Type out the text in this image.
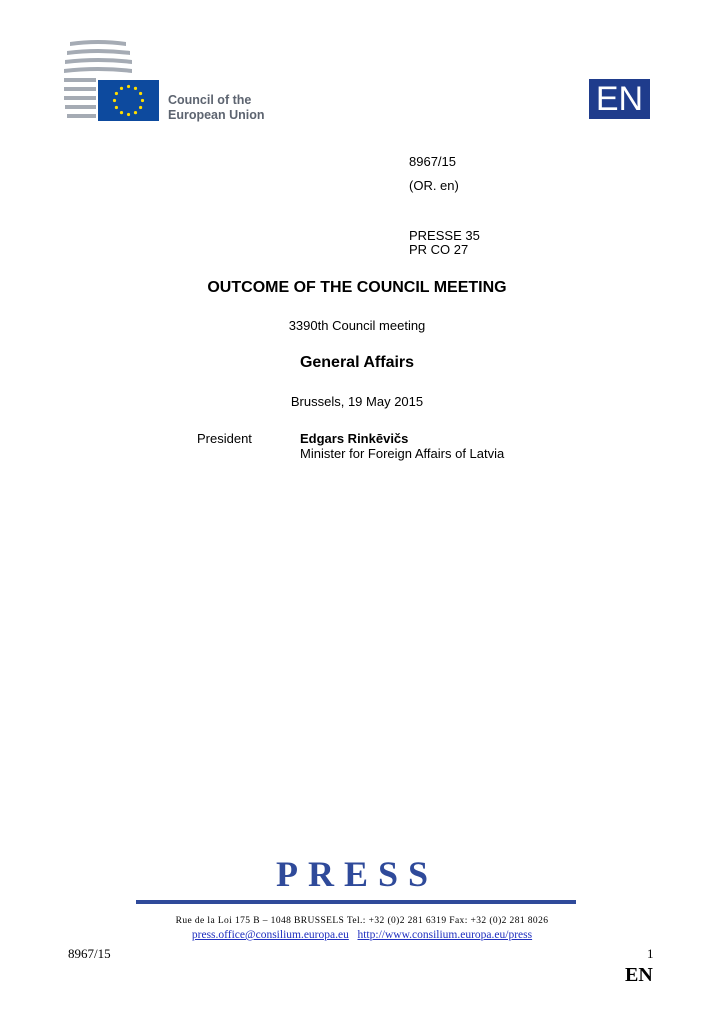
Council of the
European Union	EN
8967/15
(OR. en)
PRESSE 35
PR CO 27
OUTCOME OF THE COUNCIL MEETING
3390th Council meeting
General Affairs
Brussels, 19 May 2015
President	Edgars Rinkēvičs
Minister for Foreign Affairs of Latvia
PRESS
Rue de la Loi 175 B – 1048 BRUSSELS Tel.: +32 (0)2 281 6319 Fax: +32 (0)2 281 8026
press.office@consilium.europa.eu http://www.consilium.europa.eu/press
8967/15	1
EN
